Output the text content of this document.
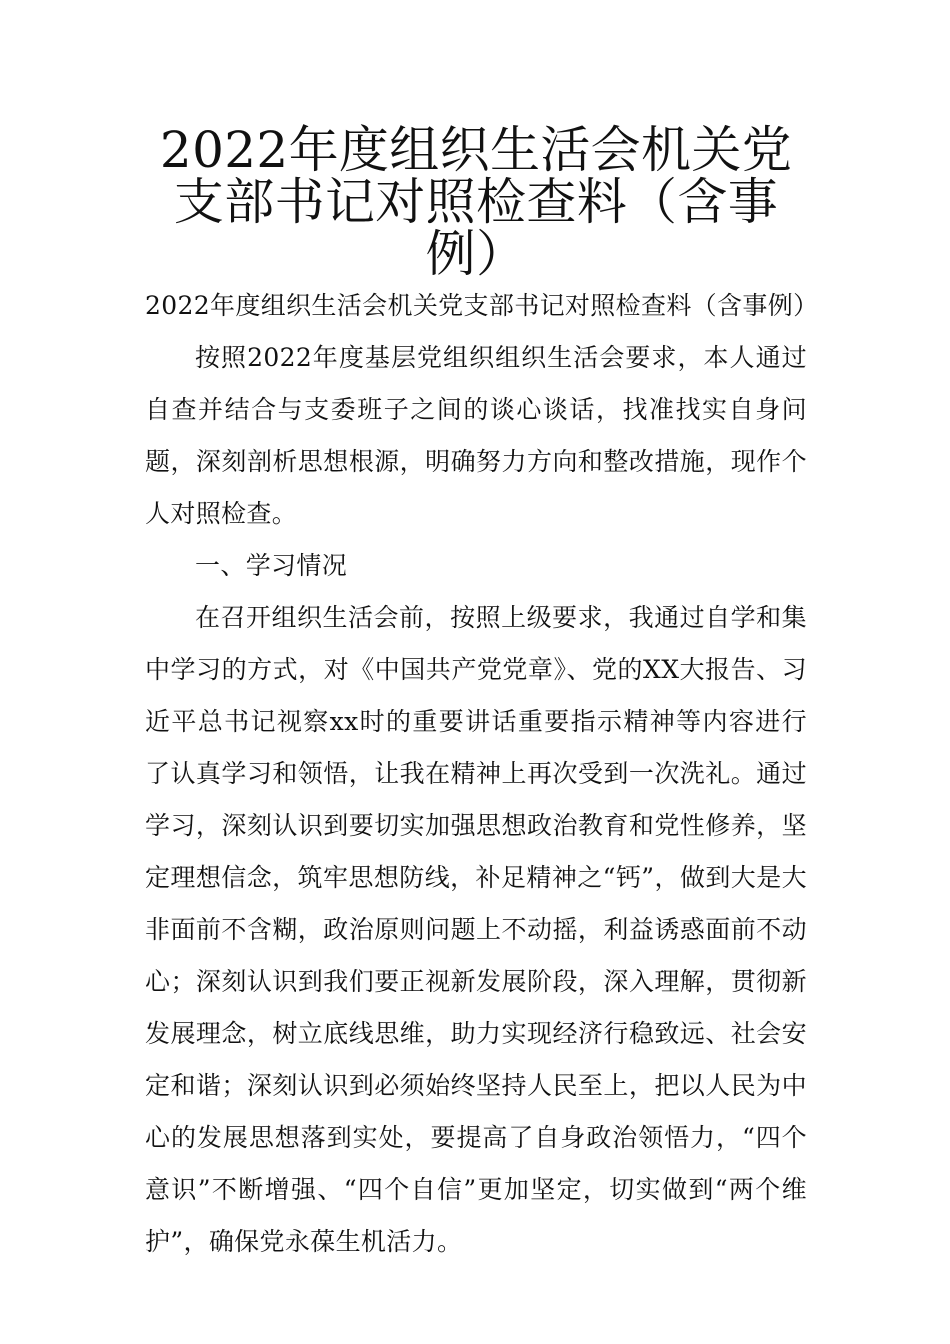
2022年度组织生活会机关党支部书记对照检查料（含事例）

2022年度组织生活会机关党支部书记对照检查料（含事例）

按照2022年度基层党组织组织生活会要求，本人通过自查并结合与支委班子之间的谈心谈话，找准找实自身问题，深刻剖析思想根源，明确努力方向和整改措施，现作个人对照检查。

一、学习情况

在召开组织生活会前，按照上级要求，我通过自学和集中学习的方式，对《中国共产党党章》、党的XX大报告、习近平总书记视察xx时的重要讲话重要指示精神等内容进行了认真学习和领悟，让我在精神上再次受到一次洗礼。通过学习，深刻认识到要切实加强思想政治教育和党性修养，坚定理想信念，筑牢思想防线，补足精神之“钙”，做到大是大非面前不含糊，政治原则问题上不动摇，利益诱惑面前不动心；深刻认识到我们要正视新发展阶段，深入理解，贯彻新发展理念，树立底线思维，助力实现经济行稳致远、社会安定和谐；深刻认识到必须始终坚持人民至上，把以人民为中心的发展思想落到实处，要提高了自身政治领悟力，“四个意识”不断增强、“四个自信”更加坚定，切实做到“两个维护”，确保党永葆生机活力。
